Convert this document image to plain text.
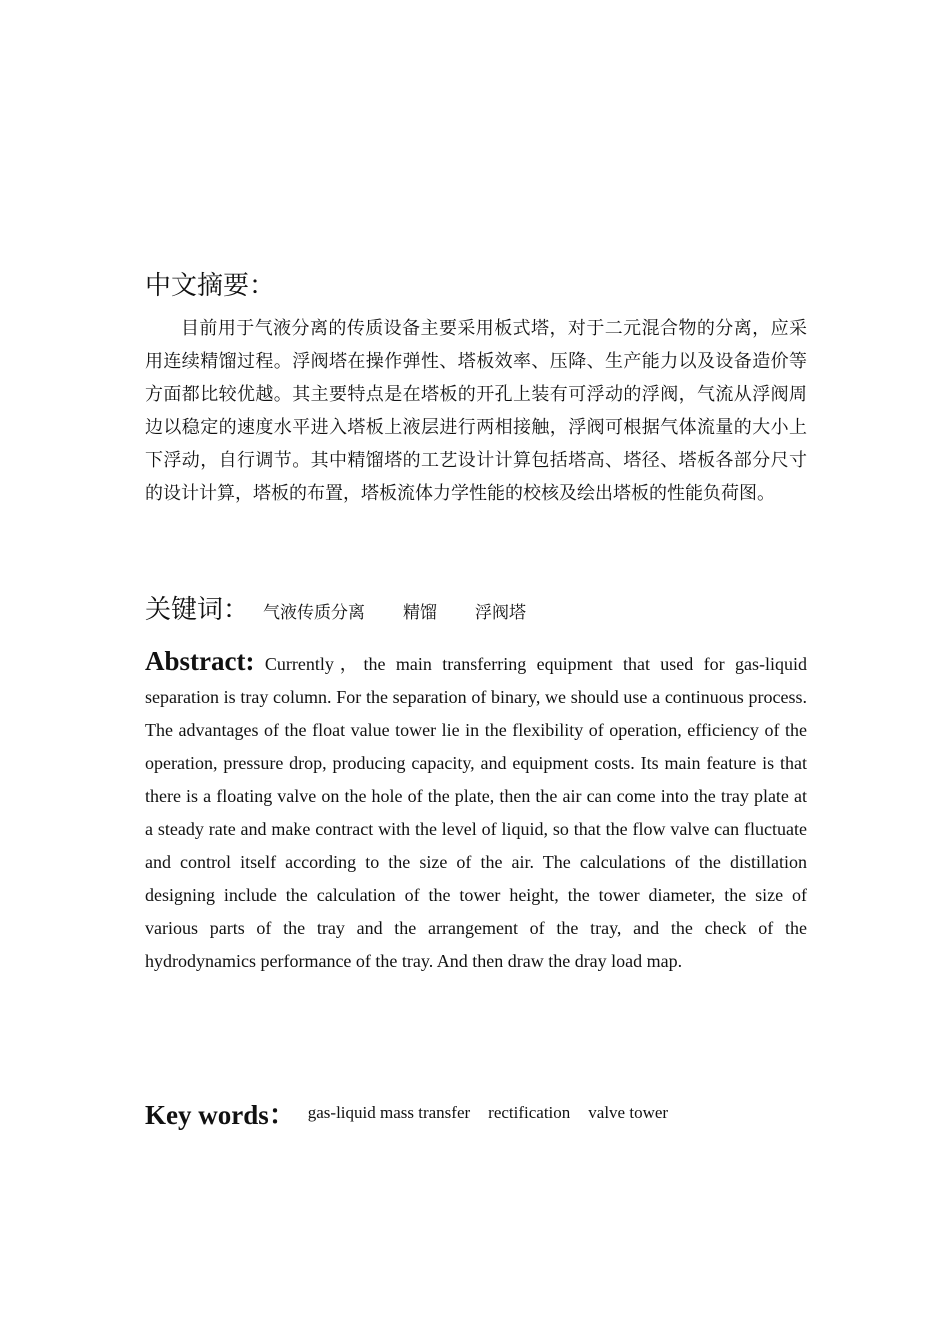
中文摘要：

目前用于气液分离的传质设备主要采用板式塔，对于二元混合物的分离，应采用连续精馏过程。浮阀塔在操作弹性、塔板效率、压降、生产能力以及设备造价等方面都比较优越。其主要特点是在塔板的开孔上装有可浮动的浮阀，气流从浮阀周边以稳定的速度水平进入塔板上液层进行两相接触，浮阀可根据气体流量的大小上下浮动，自行调节。其中精馏塔的工艺设计计算包括塔高、塔径、塔板各部分尺寸的设计计算，塔板的布置，塔板流体力学性能的校核及绘出塔板的性能负荷图。

关键词： 气液传质分离 精馏 浮阀塔

Abstract: Currently，the main transferring equipment that used for gas-liquid separation is tray column. For the separation of binary, we should use a continuous process. The advantages of the float value tower lie in the flexibility of operation, efficiency of the operation, pressure drop, producing capacity, and equipment costs. Its main feature is that there is a floating valve on the hole of the plate, then the air can come into the tray plate at a steady rate and make contract with the level of liquid, so that the flow valve can fluctuate and control itself according to the size of the air. The calculations of the distillation designing include the calculation of the tower height, the tower diameter, the size of various parts of the tray and the arrangement of the tray, and the check of the hydrodynamics performance of the tray. And then draw the dray load map.

Key words： gas-liquid mass transfer rectification valve tower
